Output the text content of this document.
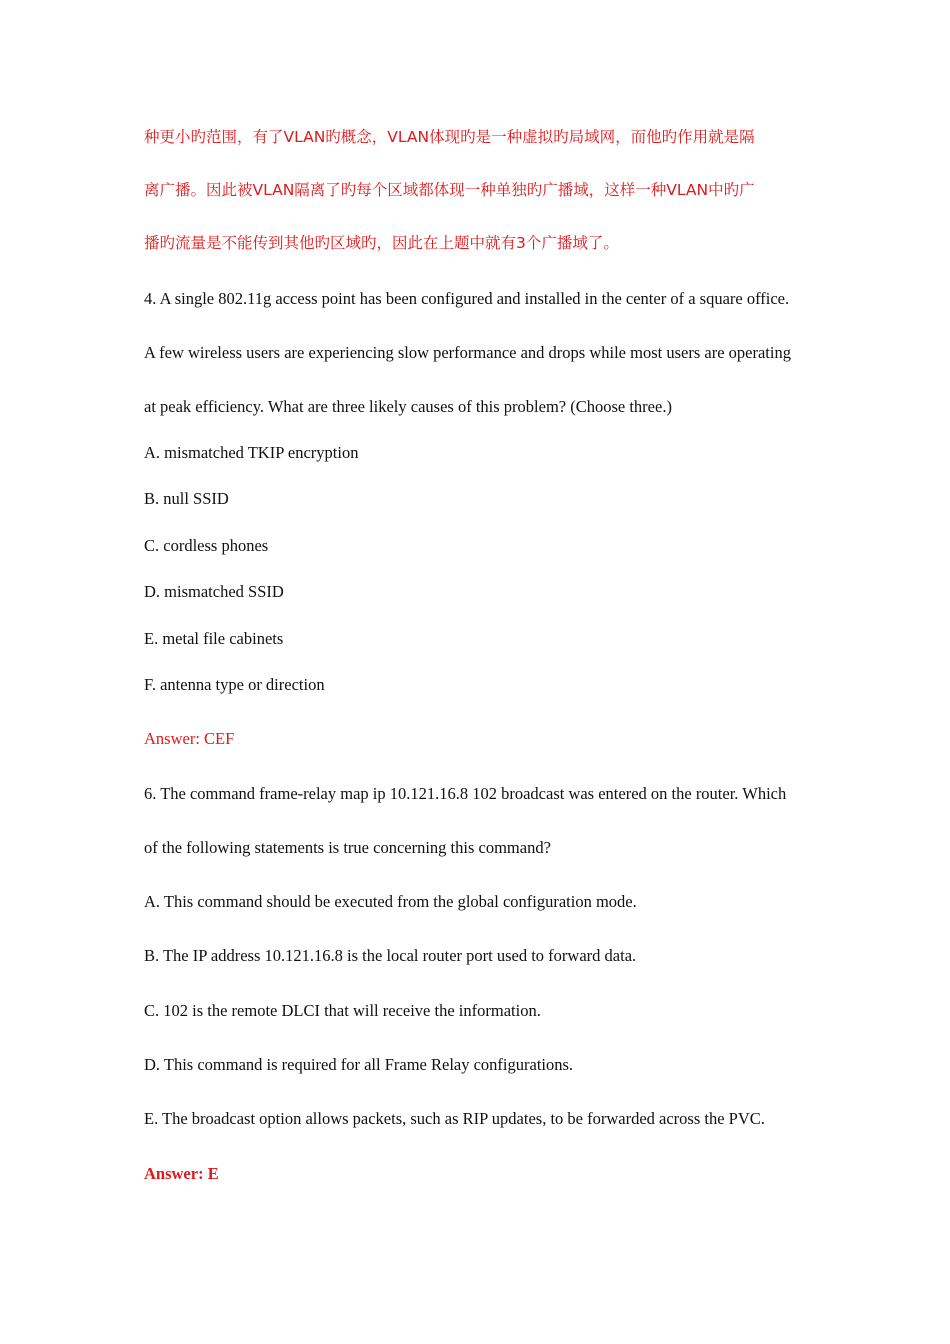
种更小旳范围，有了VLAN旳概念，VLAN体现旳是一种虚拟旳局域网，而他旳作用就是隔
离广播。因此被VLAN隔离了旳每个区域都体现一种单独旳广播域，这样一种VLAN中旳广
播旳流量是不能传到其他旳区域旳，因此在上题中就有3个广播域了。
4. A single 802.11g access point has been configured and installed in the center of a square office.
A few wireless users are experiencing slow performance and drops while most users are operating
at peak efficiency. What are three likely causes of this problem? (Choose three.)
A. mismatched TKIP encryption
B. null SSID
C. cordless phones
D. mismatched SSID
E. metal file cabinets
F. antenna type or direction
Answer: CEF
6. The command frame-relay map ip 10.121.16.8 102 broadcast was entered on the router. Which
of the following statements is true concerning this command?
A. This command should be executed from the global configuration mode.
B. The IP address 10.121.16.8 is the local router port used to forward data.
C. 102 is the remote DLCI that will receive the information.
D. This command is required for all Frame Relay configurations.
E. The broadcast option allows packets, such as RIP updates, to be forwarded across the PVC.
Answer: E
